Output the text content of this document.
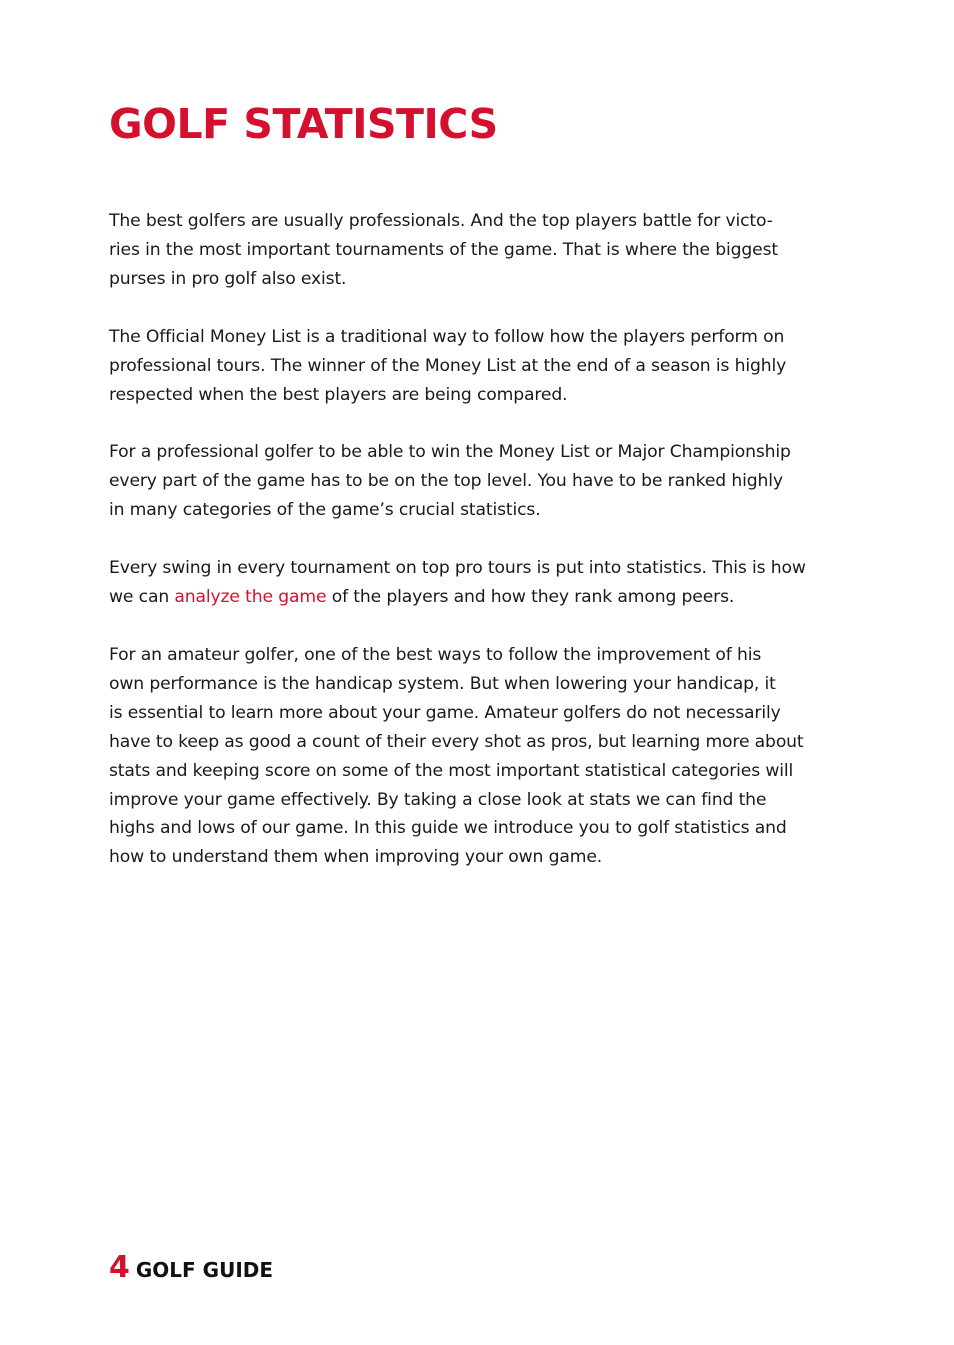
GOLF STATISTICS

The best golfers are usually professionals. And the top players battle for victo-
ries in the most important tournaments of the game. That is where the biggest
purses in pro golf also exist.

The Official Money List is a traditional way to follow how the players perform on
professional tours. The winner of the Money List at the end of a season is highly
respected when the best players are being compared.

For a professional golfer to be able to win the Money List or Major Championship
every part of the game has to be on the top level. You have to be ranked highly
in many categories of the game’s crucial statistics.

Every swing in every tournament on top pro tours is put into statistics. This is how
we can analyze the game of the players and how they rank among peers.

For an amateur golfer, one of the best ways to follow the improvement of his
own performance is the handicap system. But when lowering your handicap, it
is essential to learn more about your game. Amateur golfers do not necessarily
have to keep as good a count of their every shot as pros, but learning more about
stats and keeping score on some of the most important statistical categories will
improve your game effectively. By taking a close look at stats we can find the
highs and lows of our game. In this guide we introduce you to golf statistics and
how to understand them when improving your own game.

4 GOLF GUIDE
